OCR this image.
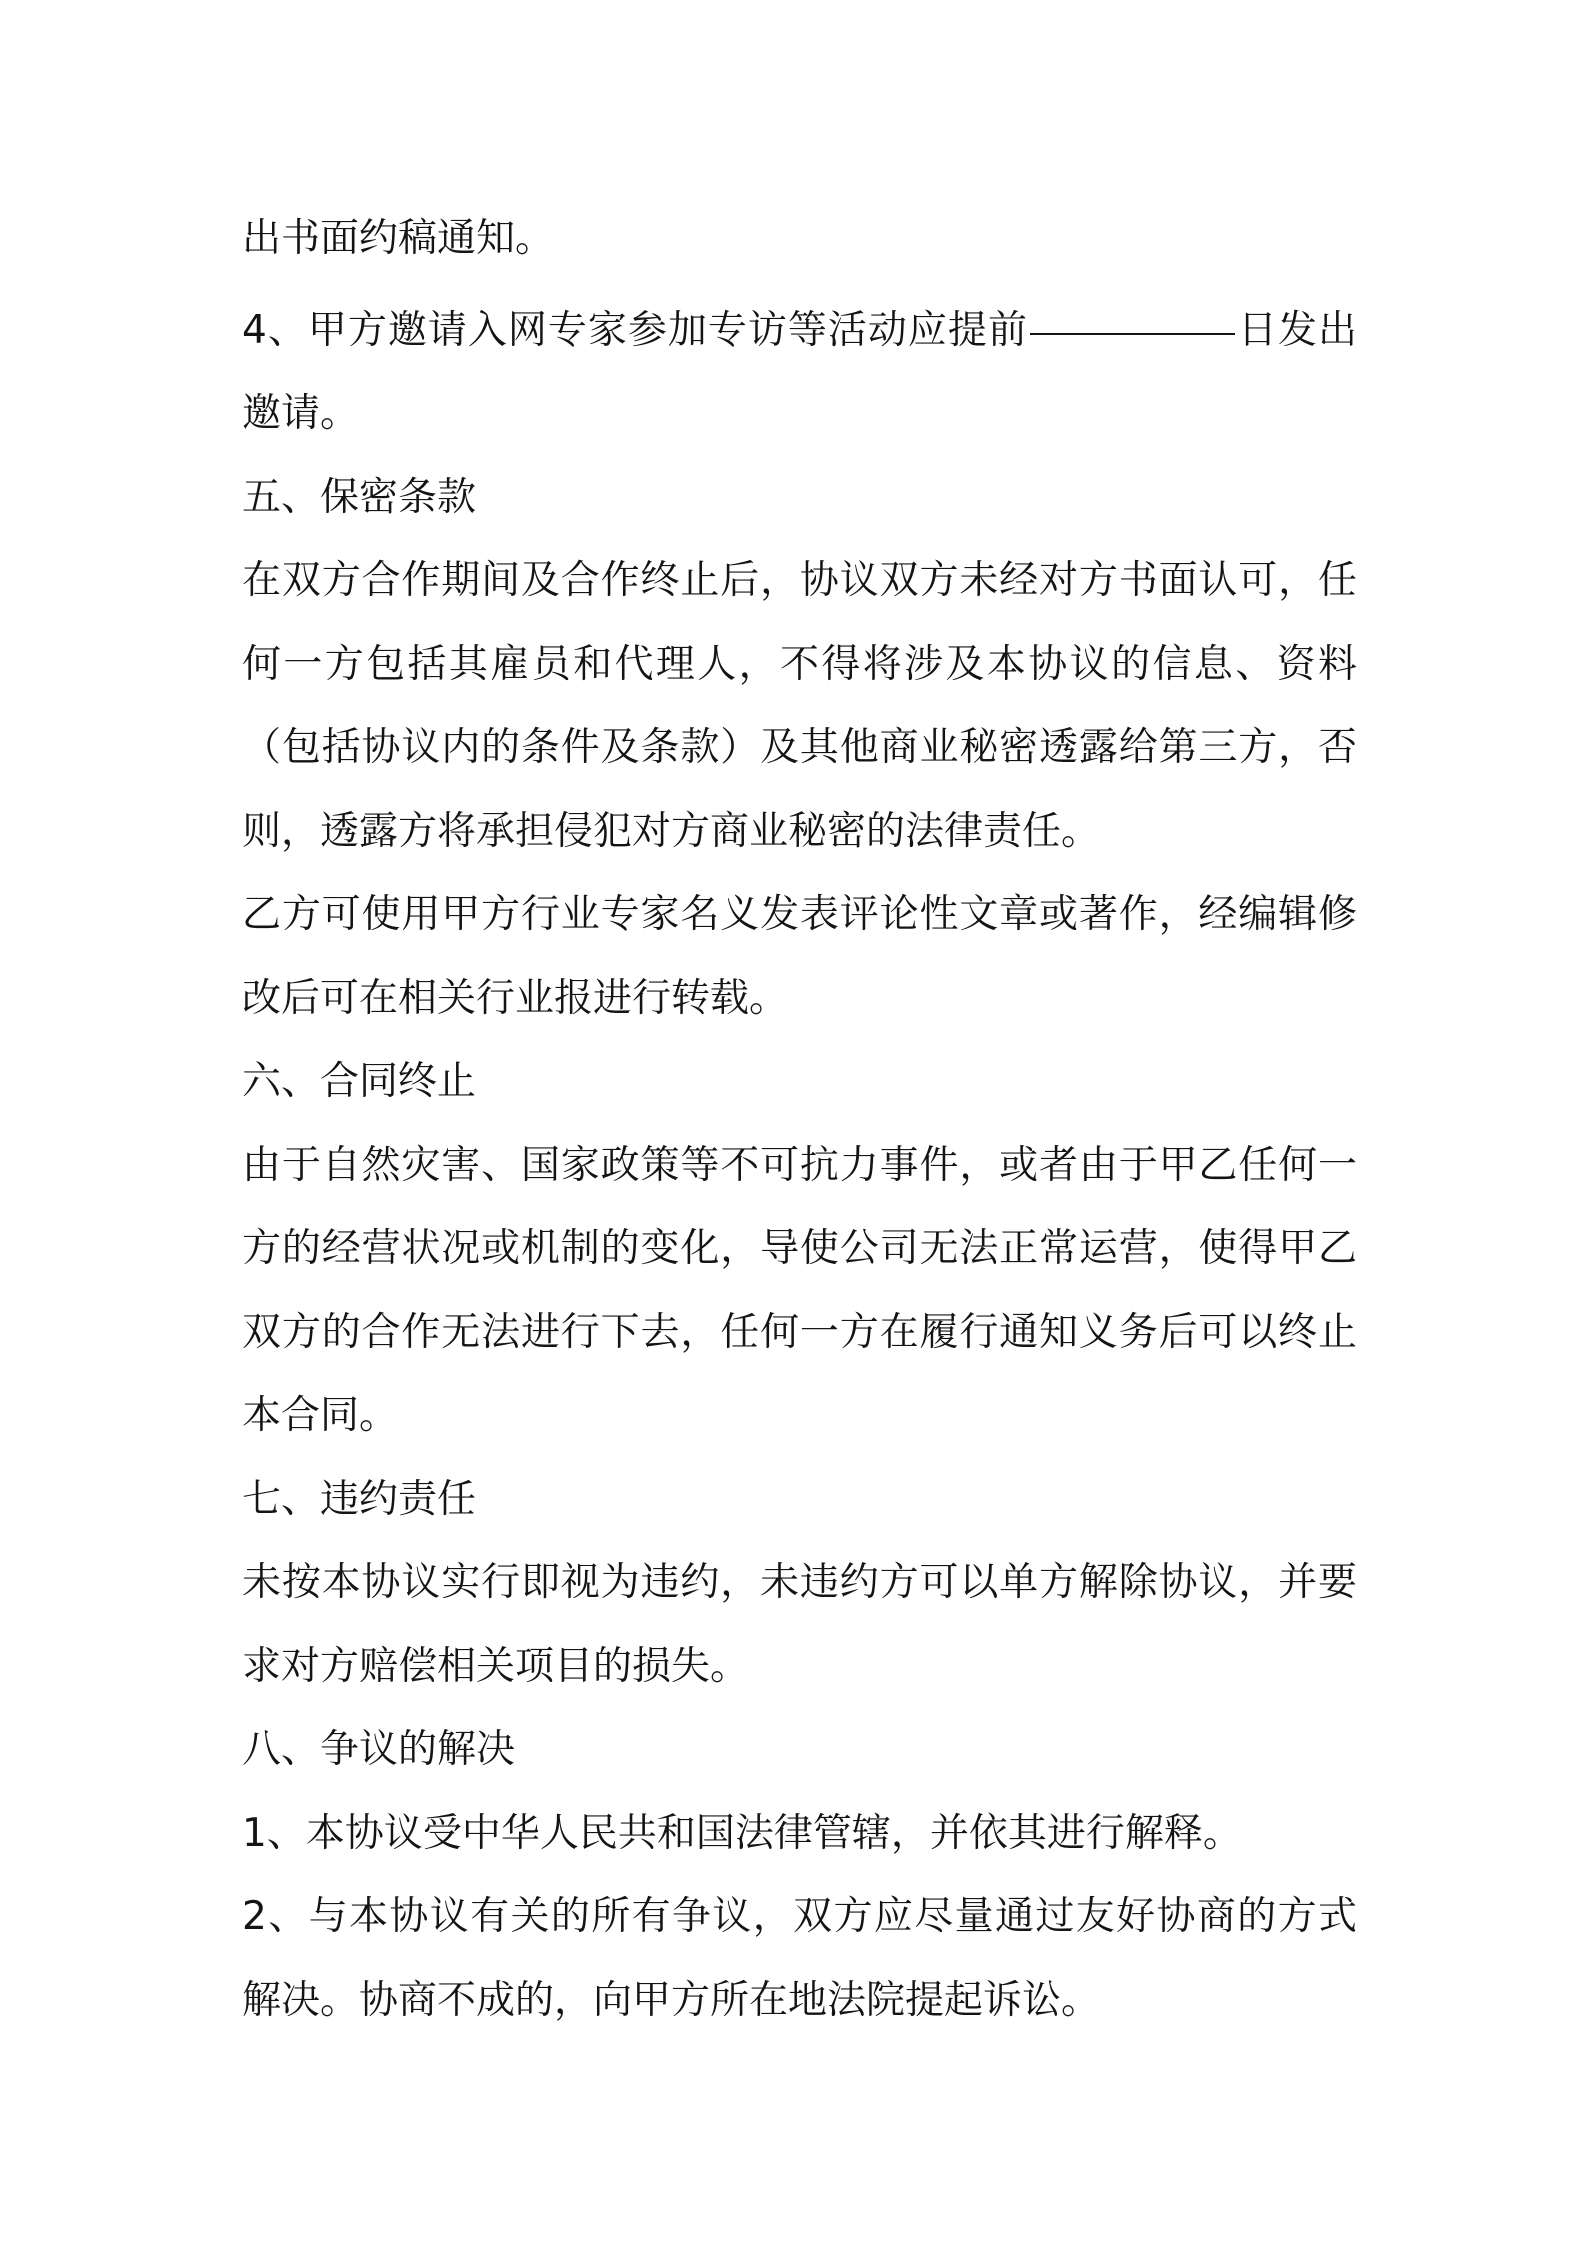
出书面约稿通知。

4、甲方邀请入网专家参加专访等活动应提前	日发出邀请。

五、保密条款

在双方合作期间及合作终止后，协议双方未经对方书面认可，任何一方包括其雇员和代理人，不得将涉及本协议的信息、资料（包括协议内的条件及条款）及其他商业秘密透露给第三方，否则，透露方将承担侵犯对方商业秘密的法律责任。

乙方可使用甲方行业专家名义发表评论性文章或著作，经编辑修改后可在相关行业报进行转载。

六、合同终止

由于自然灾害、国家政策等不可抗力事件，或者由于甲乙任何一方的经营状况或机制的变化，导使公司无法正常运营，使得甲乙双方的合作无法进行下去，任何一方在履行通知义务后可以终止本合同。

七、违约责任

未按本协议实行即视为违约，未违约方可以单方解除协议，并要求对方赔偿相关项目的损失。

八、争议的解决

1、本协议受中华人民共和国法律管辖，并依其进行解释。

2、与本协议有关的所有争议，双方应尽量通过友好协商的方式解决。协商不成的，向甲方所在地法院提起诉讼。
